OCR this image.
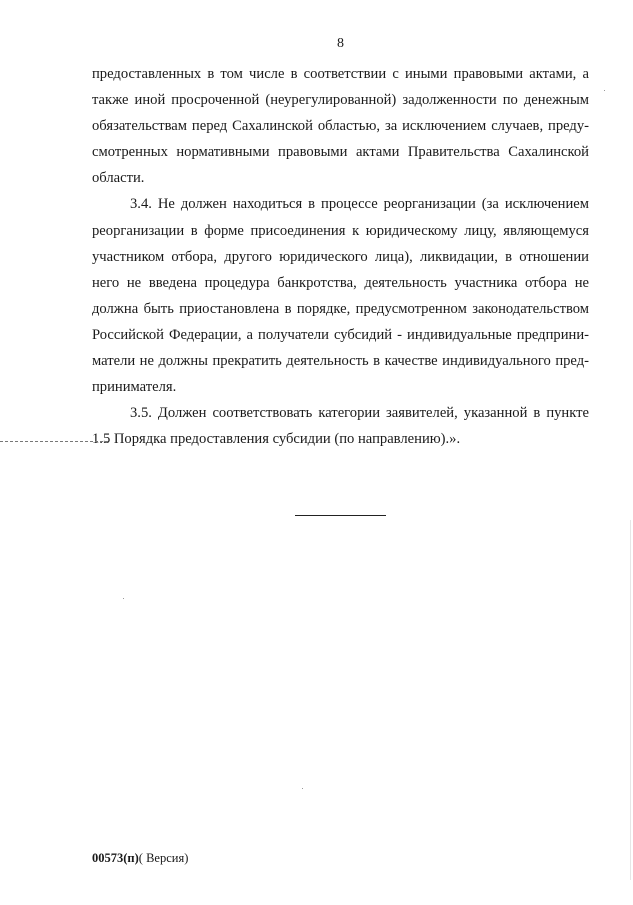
8
предоставленных в том числе в соответствии с иными правовыми актами, а
также иной просроченной (неурегулированной) задолженности по денежным
обязательствам перед Сахалинской областью, за исключением случаев, преду-
смотренных нормативными правовыми актами Правительства Сахалинской
области.
3.4. Не должен находиться в процессе реорганизации (за исключением
реорганизации в форме присоединения к юридическому лицу, являющемуся
участником отбора, другого юридического лица), ликвидации, в отношении
него не введена процедура банкротства, деятельность участника отбора не
должна быть приостановлена в порядке, предусмотренном законодательством
Российской Федерации, а получатели субсидий - индивидуальные предприни-
матели не должны прекратить деятельность в качестве индивидуального пред-
принимателя.
3.5. Должен соответствовать категории заявителей, указанной в пункте
1.5 Порядка предоставления субсидии (по направлению).».
00573(п)( Версия)
